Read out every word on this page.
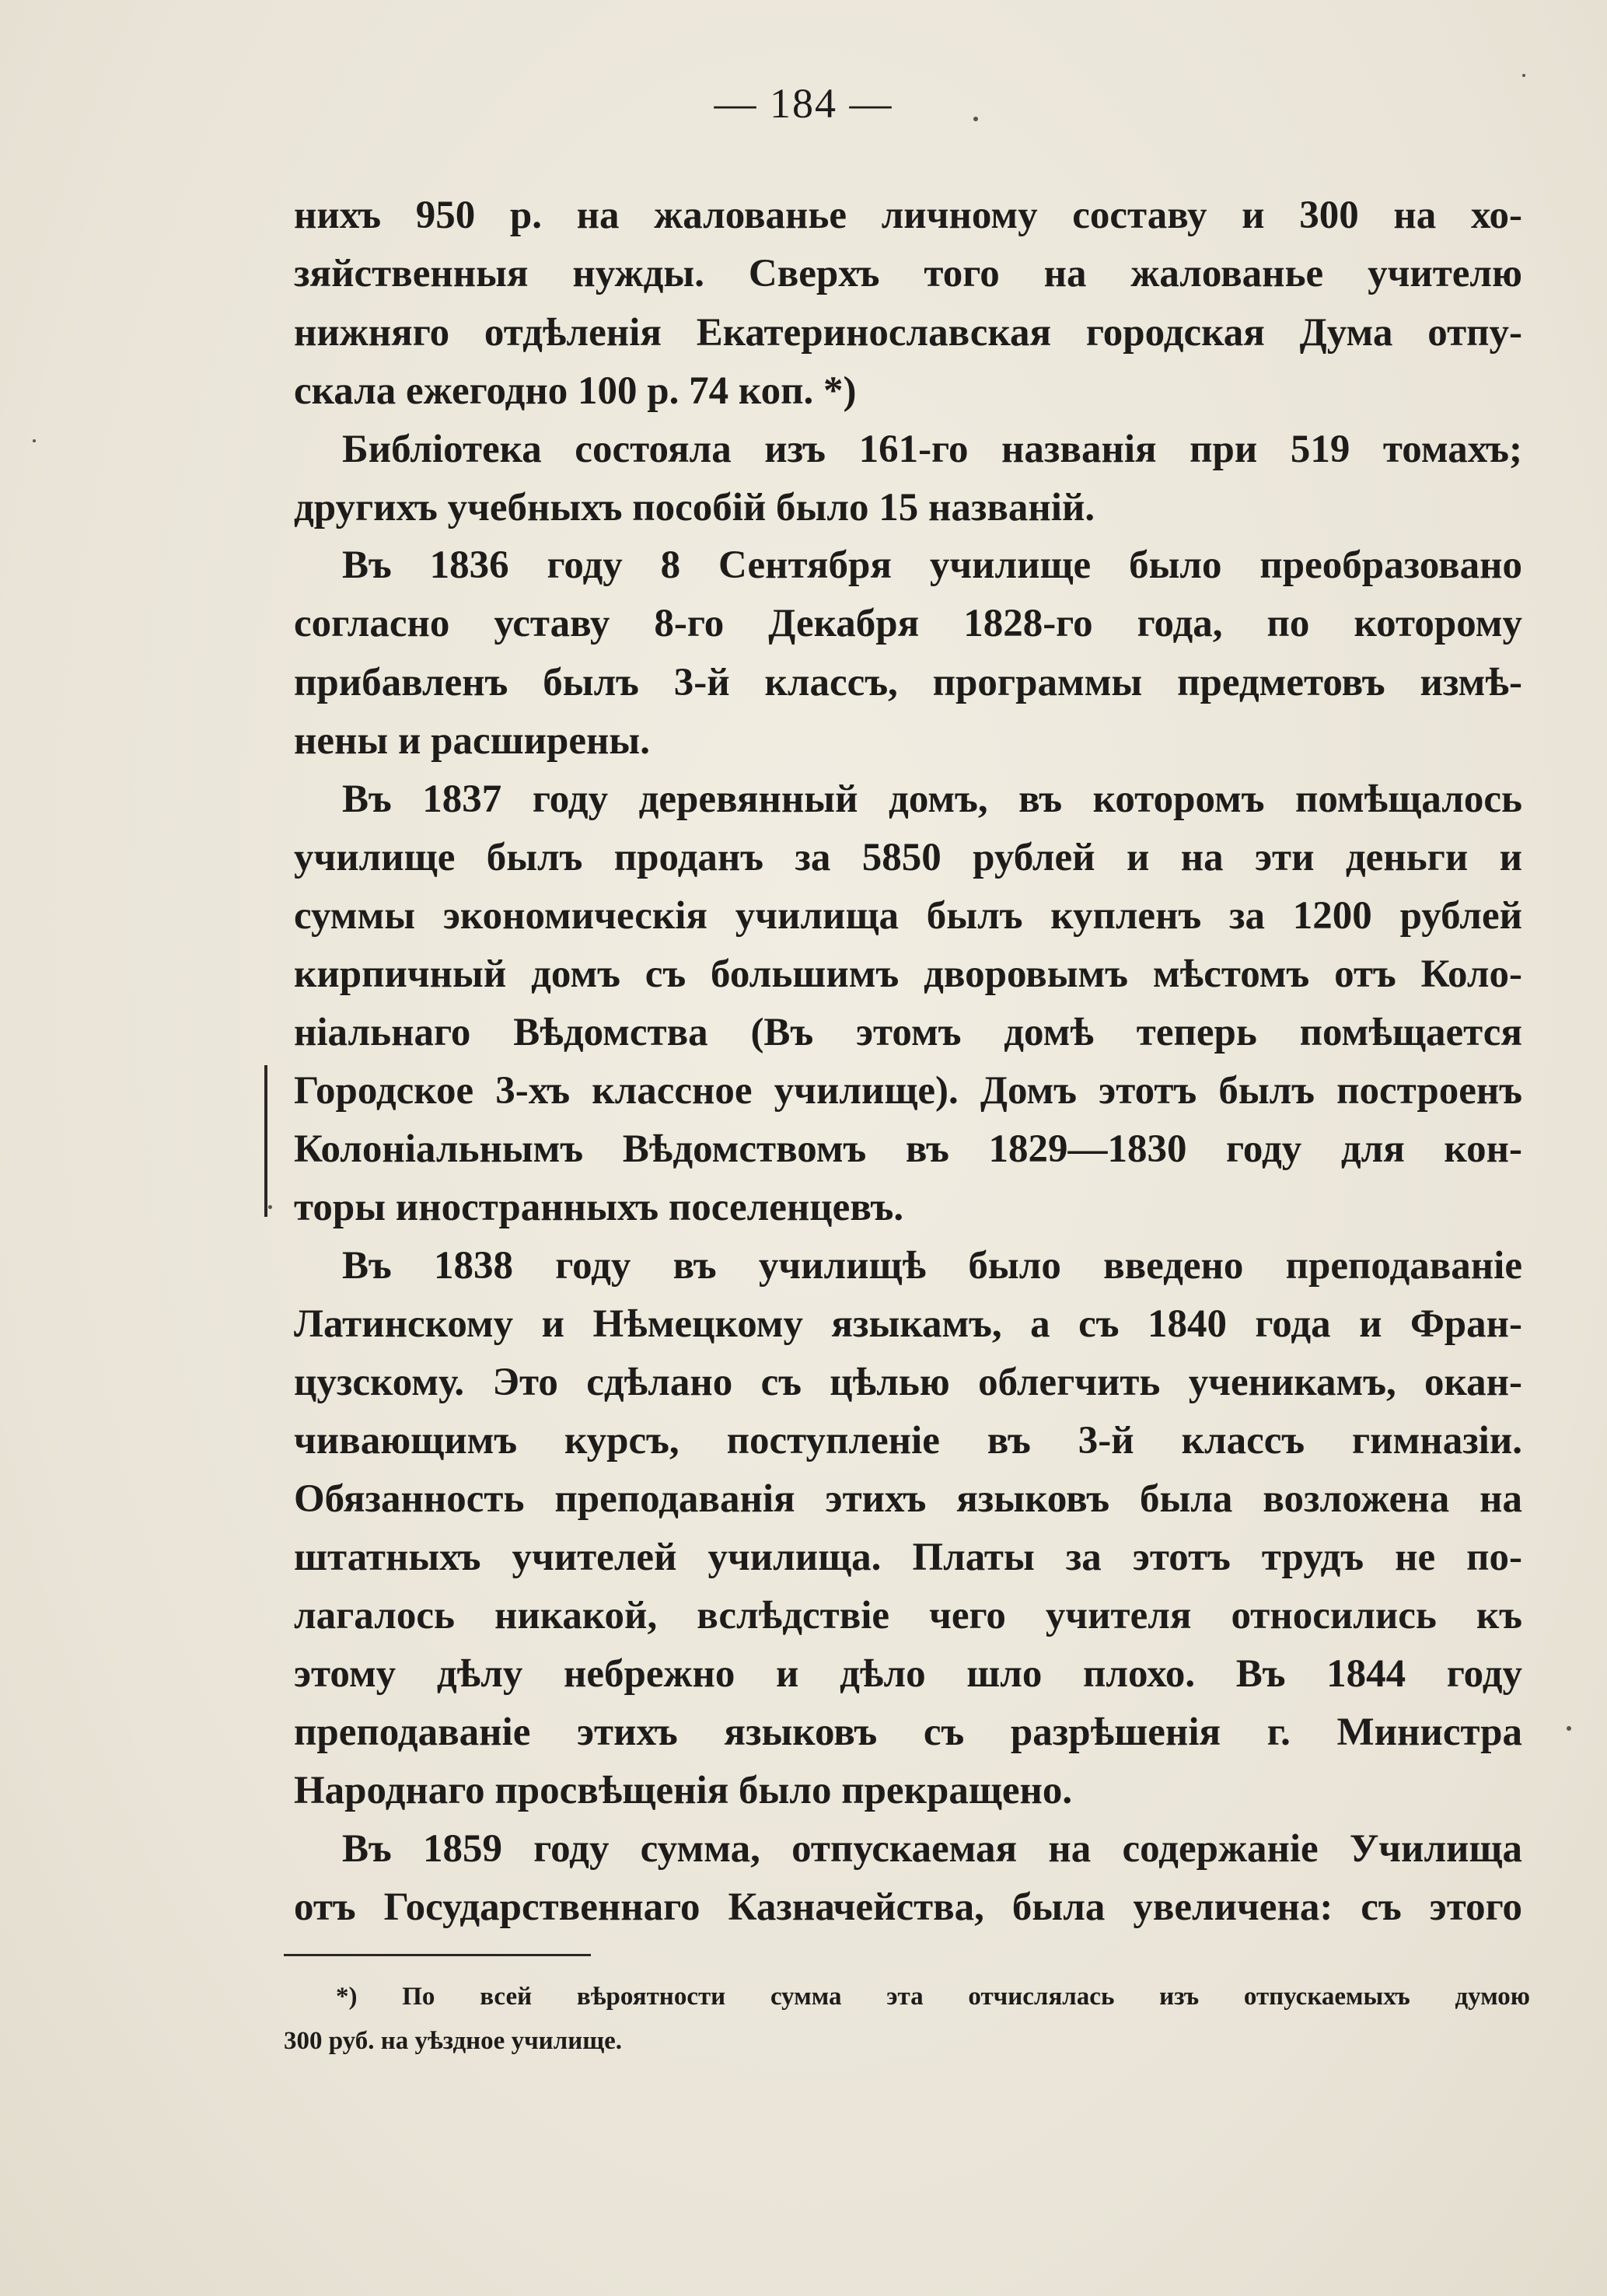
— 184 —
нихъ 950 р. на жалованье личному составу и 300 на хо-
зяйственныя нужды. Сверхъ того на жалованье учителю
нижняго отдѣленія Екатеринославская городская Дума отпу-
скала ежегодно 100 р. 74 коп. *)
Библіотека состояла изъ 161-го названія при 519 томахъ;
другихъ учебныхъ пособій было 15 названій.
Въ 1836 году 8 Сентября училище было преобразовано
согласно уставу 8-го Декабря 1828-го года, по которому
прибавленъ былъ 3-й классъ, программы предметовъ измѣ-
нены и расширены.
Въ 1837 году деревянный домъ, въ которомъ помѣщалось
училище былъ проданъ за 5850 рублей и на эти деньги и
суммы экономическія училища былъ купленъ за 1200 рублей
кирпичный домъ съ большимъ дворовымъ мѣстомъ отъ Коло-
ніальнаго Вѣдомства (Въ этомъ домѣ теперь помѣщается
Городское 3-хъ классное училище). Домъ этотъ былъ построенъ
Колоніальнымъ Вѣдомствомъ въ 1829—1830 году для кон-
торы иностранныхъ поселенцевъ.
Въ 1838 году въ училищѣ было введено преподаваніе
Латинскому и Нѣмецкому языкамъ, а съ 1840 года и Фран-
цузскому. Это сдѣлано съ цѣлью облегчить ученикамъ, окан-
чивающимъ курсъ, поступленіе въ 3-й классъ гимназіи.
Обязанность преподаванія этихъ языковъ была возложена на
штатныхъ учителей училища. Платы за этотъ трудъ не по-
лагалось никакой, вслѣдствіе чего учителя относились къ
этому дѣлу небрежно и дѣло шло плохо. Въ 1844 году
преподаваніе этихъ языковъ съ разрѣшенія г. Министра
Народнаго просвѣщенія было прекращено.
Въ 1859 году сумма, отпускаемая на содержаніе Училища
отъ Государственнаго Казначейства, была увеличена: съ этого
*) По всей вѣроятности сумма эта отчислялась изъ отпускаемыхъ думою
300 руб. на уѣздное училище.
